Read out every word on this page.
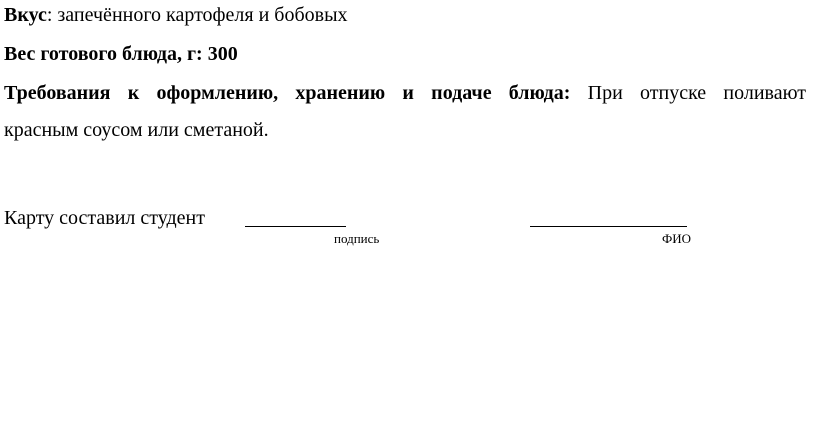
Вкус: запечённого картофеля и бобовых
Вес готового блюда, г: 300
Требования к оформлению, хранению и подаче блюда: При отпуске поливают
красным соусом или сметаной.
Карту составил студент
подпись	ФИО
